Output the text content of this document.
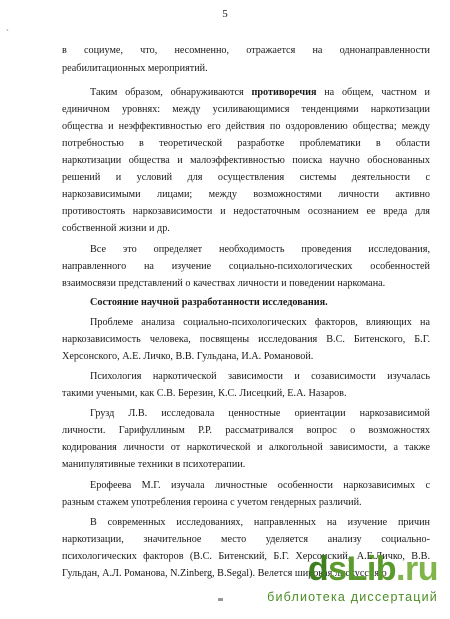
5
`
в социуме, что, несомненно, отражается на однонаправленности
реабилитационных мероприятий.
Таким образом, обнаруживаются противоречия на общем, частном и
единичном уровнях: между усиливающимися тенденциями наркотизации
общества и неэффективностью его действия по оздоровлению общества; между
потребностью в теоретической разработке проблематики в области
наркотизации общества и малоэффективностью поиска научно обоснованных
решений и условий для осуществления системы деятельности с
наркозависимыми лицами; между возможностями личности активно
противостоять наркозависимости и недостаточным осознанием ее вреда для
собственной жизни и др.
Все это определяет необходимость проведения исследования,
направленного на изучение социально-психологических особенностей
взаимосвязи представлений о качествах личности и поведении наркомана.
Состояние научной разработанности исследования.
Проблеме анализа социально-психологических факторов, влияющих на
наркозависимость человека, посвящены исследования В.С. Битенского, Б.Г.
Херсонского, А.Е. Личко, В.В. Гульдана, И.А. Романовой.
Психология наркотической зависимости и созависимости изучалась
такими учеными, как С.В. Березин, К.С. Лисецкий, Е.А. Назаров.
Грузд Л.В. исследовала ценностные ориентации наркозависимой
личности. Гарифуллиным Р.Р. рассматривался вопрос о возможностях
кодирования личности от наркотической и алкогольной зависимости, а также
манипулятивные техники в психотерапии.
Ерофеева М.Г. изучала личностные особенности наркозависимых с
разным стажем употребления героина с учетом гендерных различий.
В современных исследованиях, направленных на изучение причин
наркотизации, значительное место уделяется анализу социально-
психологических факторов (В.С. Битенский, Б.Г. Херсонский, А.Е.Личко, В.В.
Гульдан, А.Л. Романова, N.Zinberg, B.Segal). Велется широкая лискуссия о
dsLib.ru
библиотека диссертаций
